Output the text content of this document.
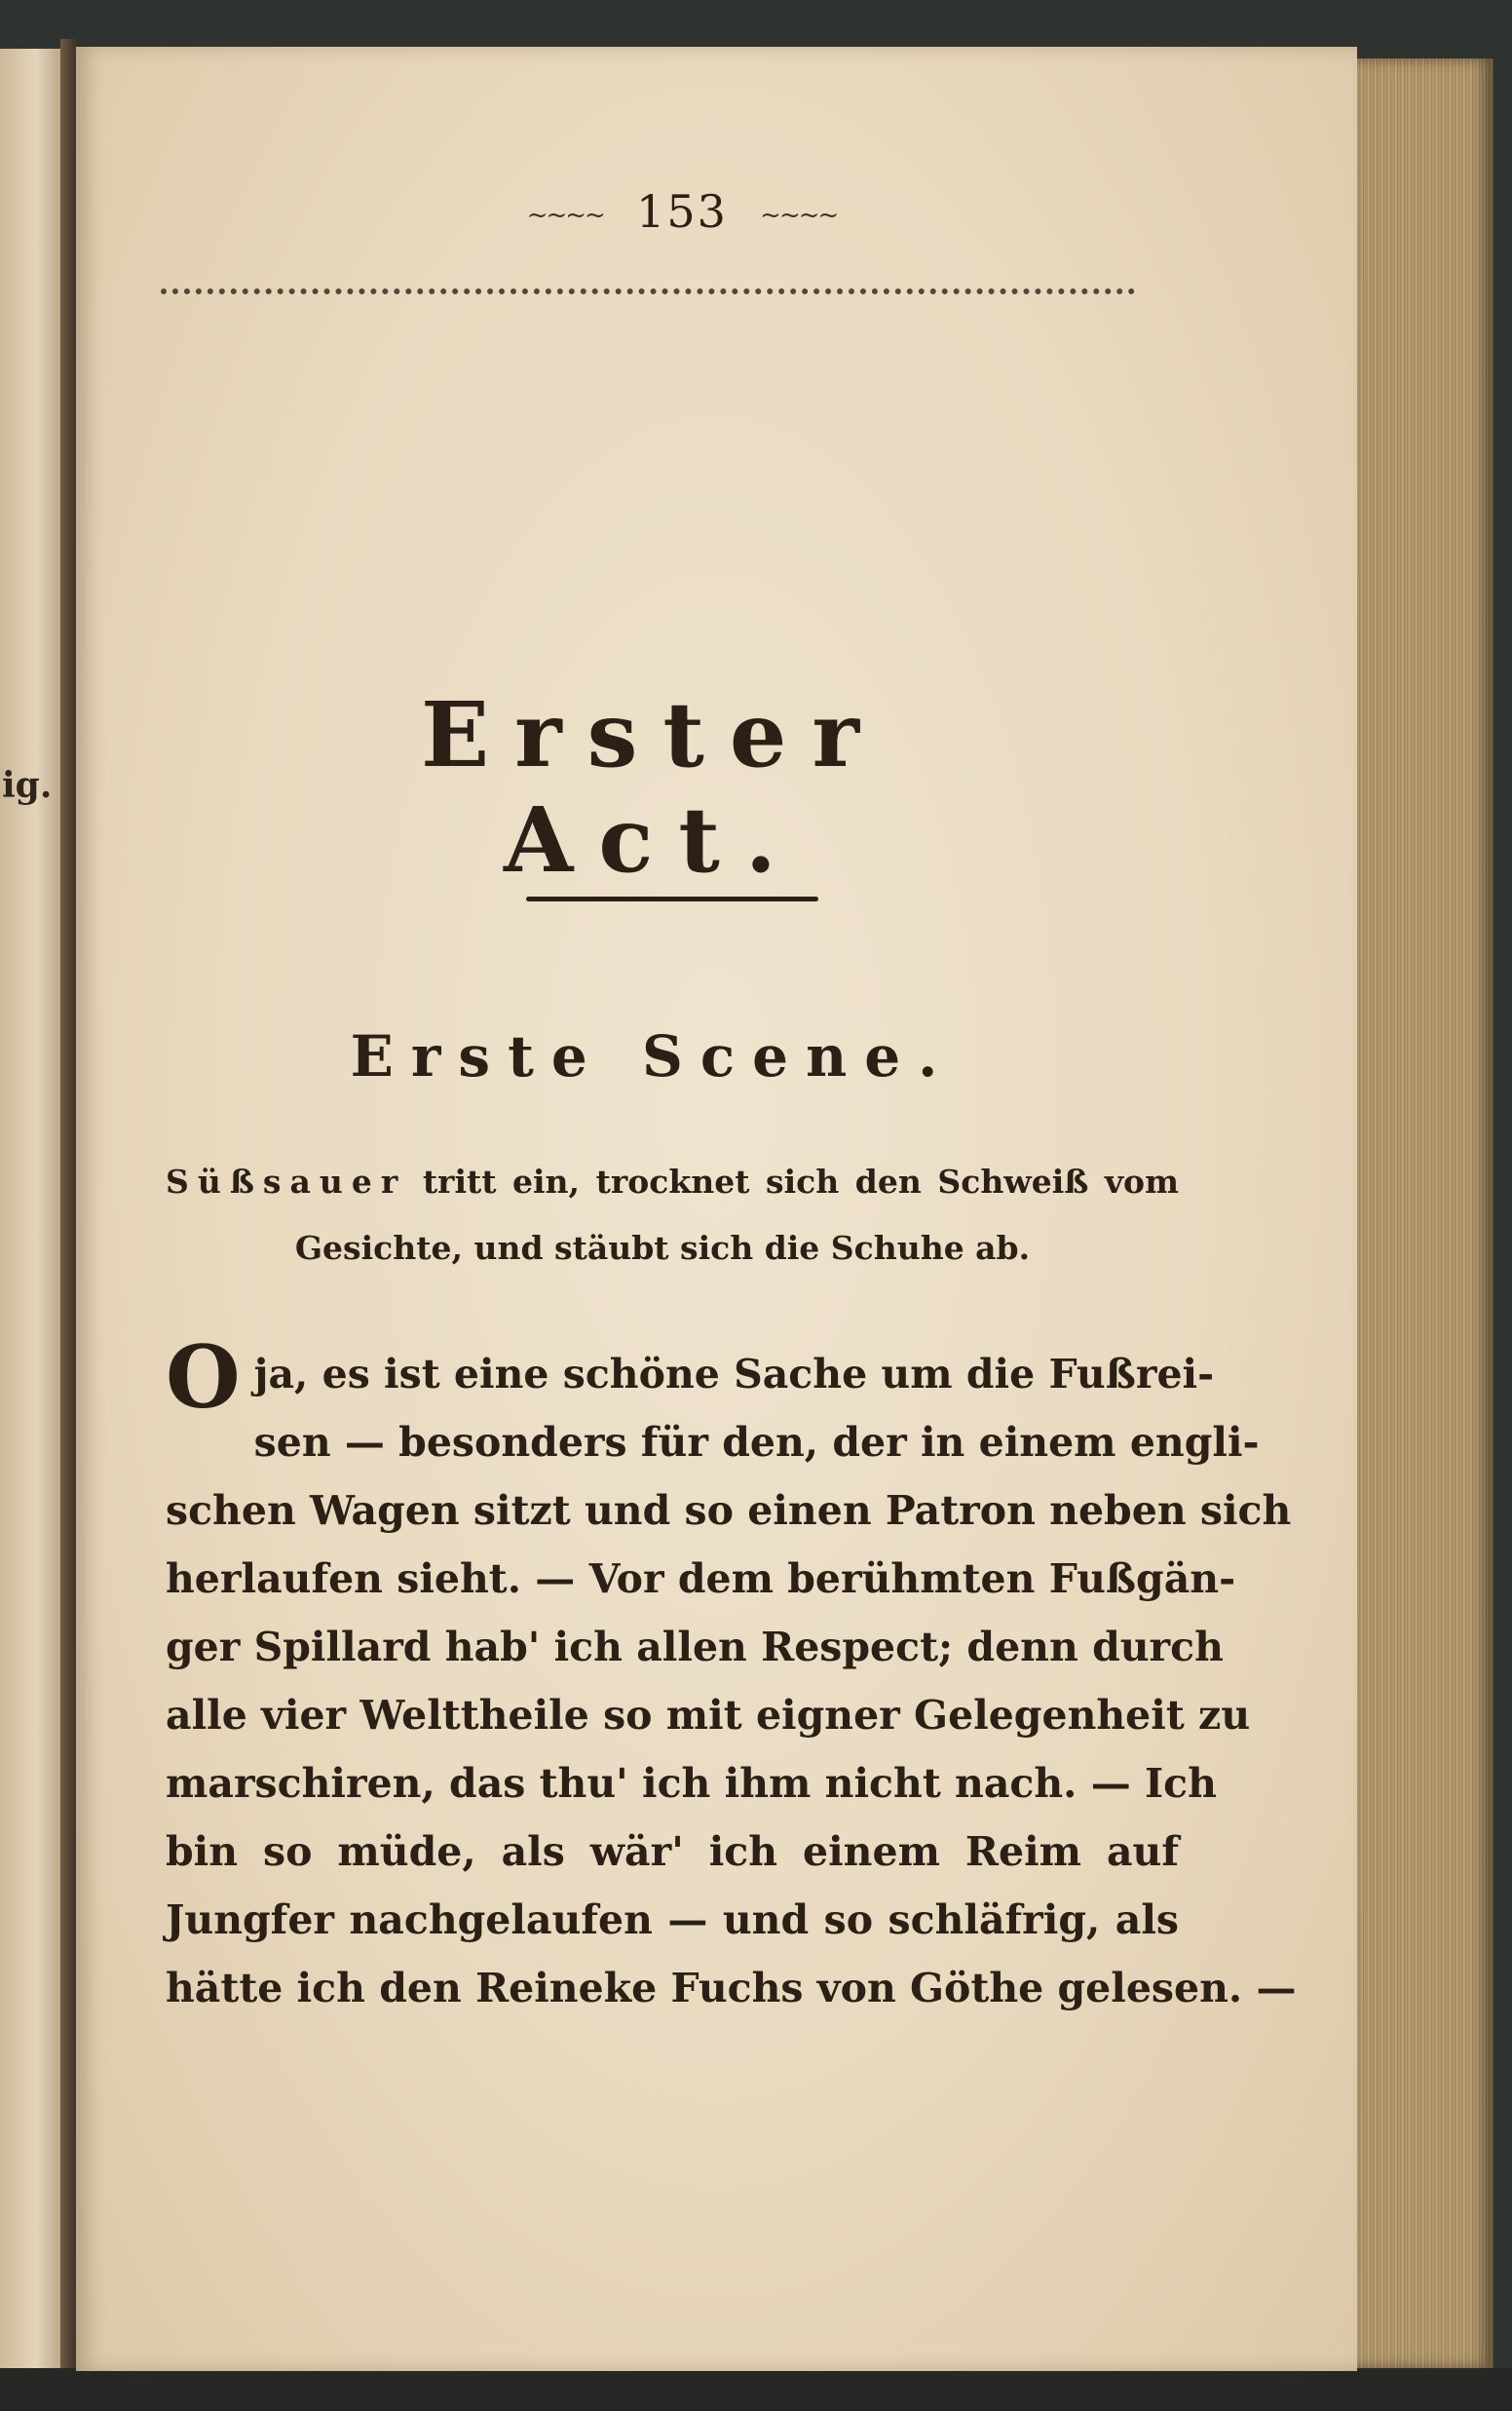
ig.
~~~~ 153 ~~~~
Erster Act.
Erste Scene.
Süßsauer tritt ein, trocknet sich den Schweiß vom
Gesichte, und stäubt sich die Schuhe ab.
O ja, es ist eine schöne Sache um die Fußrei-
sen — besonders für den, der in einem engli-
schen Wagen sitzt und so einen Patron neben sich
herlaufen sieht. — Vor dem berühmten Fußgän-
ger Spillard hab' ich allen Respect; denn durch
alle vier Welttheile so mit eigner Gelegenheit zu
marschiren, das thu' ich ihm nicht nach. — Ich
bin so müde, als wär' ich einem Reim auf
Jungfer nachgelaufen — und so schläfrig, als
hätte ich den Reineke Fuchs von Göthe gelesen. —
